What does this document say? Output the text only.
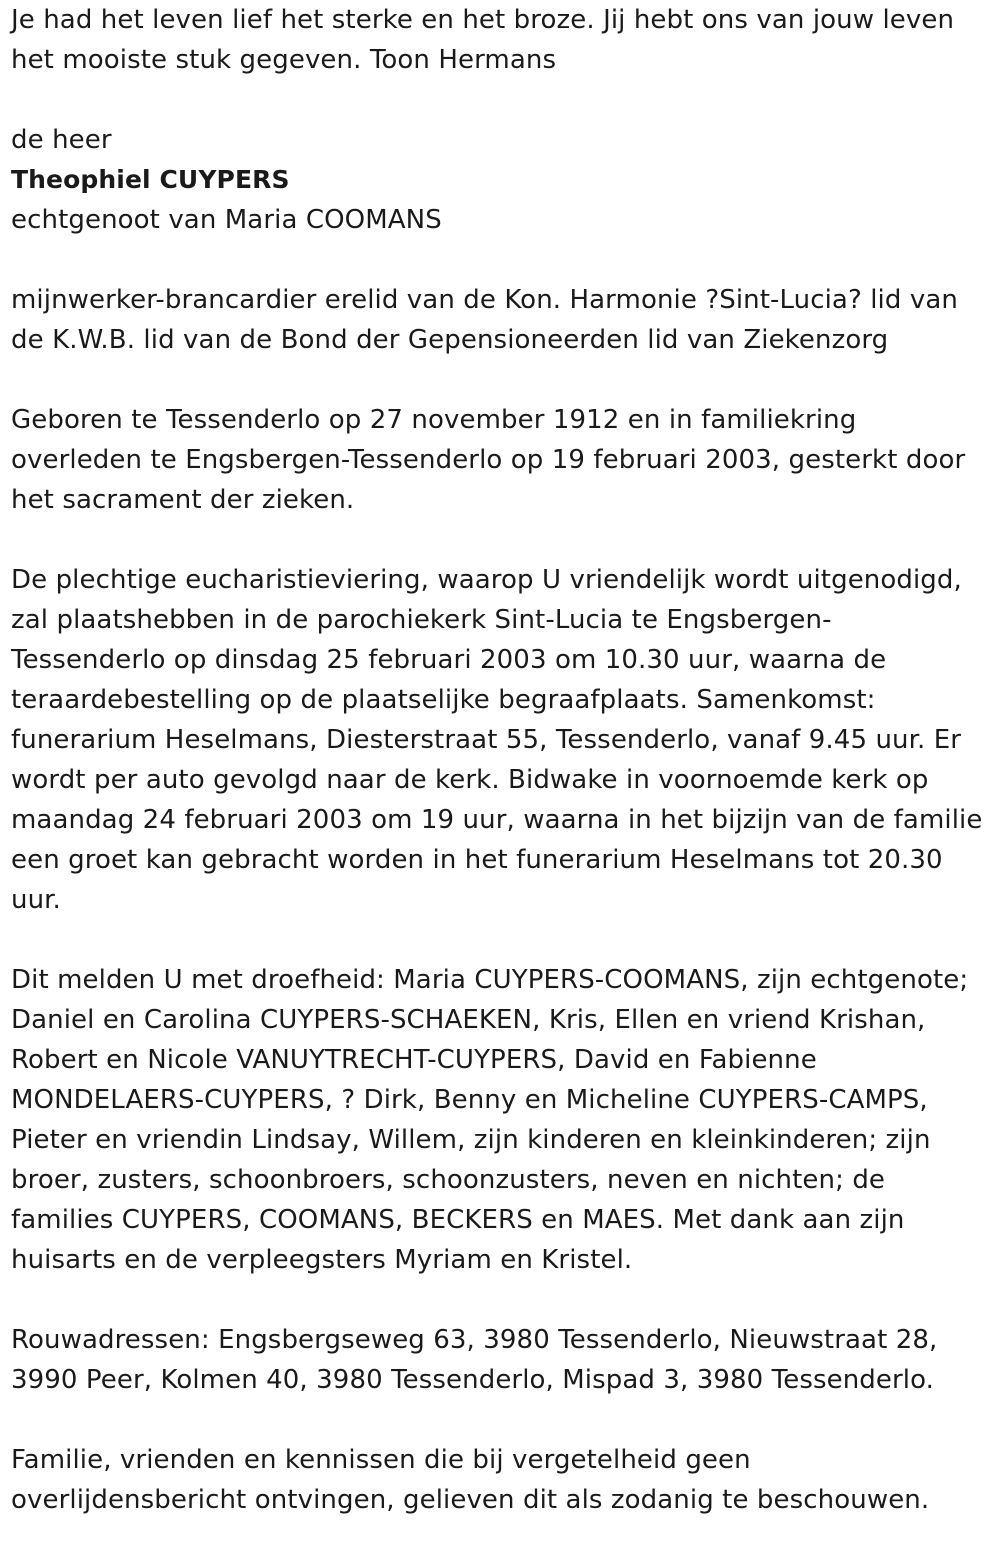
Je had het leven lief het sterke en het broze. Jij hebt ons van jouw leven
het mooiste stuk gegeven. Toon Hermans
de heer
Theophiel CUYPERS
echtgenoot van Maria COOMANS
mijnwerker-brancardier erelid van de Kon. Harmonie ?Sint-Lucia? lid van
de K.W.B. lid van de Bond der Gepensioneerden lid van Ziekenzorg
Geboren te Tessenderlo op 27 november 1912 en in familiekring
overleden te Engsbergen-Tessenderlo op 19 februari 2003, gesterkt door
het sacrament der zieken.
De plechtige eucharistieviering, waarop U vriendelijk wordt uitgenodigd,
zal plaatshebben in de parochiekerk Sint-Lucia te Engsbergen-
Tessenderlo op dinsdag 25 februari 2003 om 10.30 uur, waarna de
teraardebestelling op de plaatselijke begraafplaats. Samenkomst:
funerarium Heselmans, Diesterstraat 55, Tessenderlo, vanaf 9.45 uur. Er
wordt per auto gevolgd naar de kerk. Bidwake in voornoemde kerk op
maandag 24 februari 2003 om 19 uur, waarna in het bijzijn van de familie
een groet kan gebracht worden in het funerarium Heselmans tot 20.30
uur.
Dit melden U met droefheid: Maria CUYPERS-COOMANS, zijn echtgenote;
Daniel en Carolina CUYPERS-SCHAEKEN, Kris, Ellen en vriend Krishan,
Robert en Nicole VANUYTRECHT-CUYPERS, David en Fabienne
MONDELAERS-CUYPERS, ? Dirk, Benny en Micheline CUYPERS-CAMPS,
Pieter en vriendin Lindsay, Willem, zijn kinderen en kleinkinderen; zijn
broer, zusters, schoonbroers, schoonzusters, neven en nichten; de
families CUYPERS, COOMANS, BECKERS en MAES. Met dank aan zijn
huisarts en de verpleegsters Myriam en Kristel.
Rouwadressen: Engsbergseweg 63, 3980 Tessenderlo, Nieuwstraat 28,
3990 Peer, Kolmen 40, 3980 Tessenderlo, Mispad 3, 3980 Tessenderlo.
Familie, vrienden en kennissen die bij vergetelheid geen
overlijdensbericht ontvingen, gelieven dit als zodanig te beschouwen.
